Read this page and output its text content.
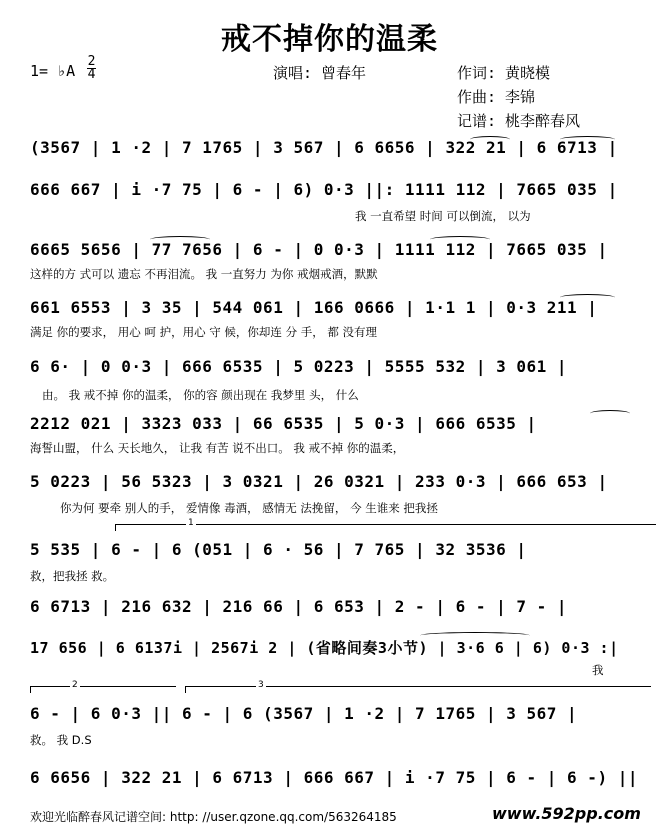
戒不掉你的温柔
1= ♭A
2
4	演唱: 曾春年	作词: 黄晓模
作曲: 李锦
记谱: 桃李醉春风
(3567 | 1 ·2 | 7 1765 | 3 567 | 6 6656 | 322 21 | 6 6713 |
666 667 | i ·7 75 | 6 - | 6) 0·3 ||: 1111 112 | 7665 035 |
我 一直希望 时间 可以倒流， 以为
6665 5656 | 77 7656 | 6 - | 0 0·3 | 1111 112 | 7665 035 |
这样的方 式可以 遗忘 不再泪流。 我 一直努力 为你 戒烟戒酒，默默
661 6553 | 3 35 | 544 061 | 166 0666 | 1·1 1 | 0·3 211 |
满足 你的要求， 用心 呵 护，用心 守 候，你却连 分 手， 都 没有理
6 6· | 0 0·3 | 666 6535 | 5 0223 | 5555 532 | 3 061 |
由。 我 戒不掉 你的温柔， 你的容 颜出现在 我梦里 头， 什么
2212 021 | 3323 033 | 66 6535 | 5 0·3 | 666 6535 |
海誓山盟， 什么 天长地久， 让我 有苦 说不出口。 我 戒不掉 你的温柔，
5 0223 | 56 5323 | 3 0321 | 26 0321 | 233 0·3 | 666 653 |
你为何 要牵 别人的手， 爱情像 毒酒， 感情无 法挽留， 今 生谁来 把我拯
5 535 | 6 - | 6 (051 | 6 · 56 | 7 765 | 32 3536 |
救，把我拯 救。
6 6713 | 216 632 | 216 66 | 6 653 | 2 - | 6 - | 7 - |
17 656 | 6 6137i | 2567i 2 | (省略间奏3小节) | 3·6 6 | 6) 0·3 :|
我
6 - | 6 0·3 || 6 - | 6 (3567 | 1 ·2 | 7 1765 | 3 567 |
救。 我 D.S
6 6656 | 322 21 | 6 6713 | 666 667 | i ·7 75 | 6 - | 6 -) ||
1
2	3
欢迎光临醉春风记谱空间: http: //user.qzone.qq.com/563264185	www.592pp.com
